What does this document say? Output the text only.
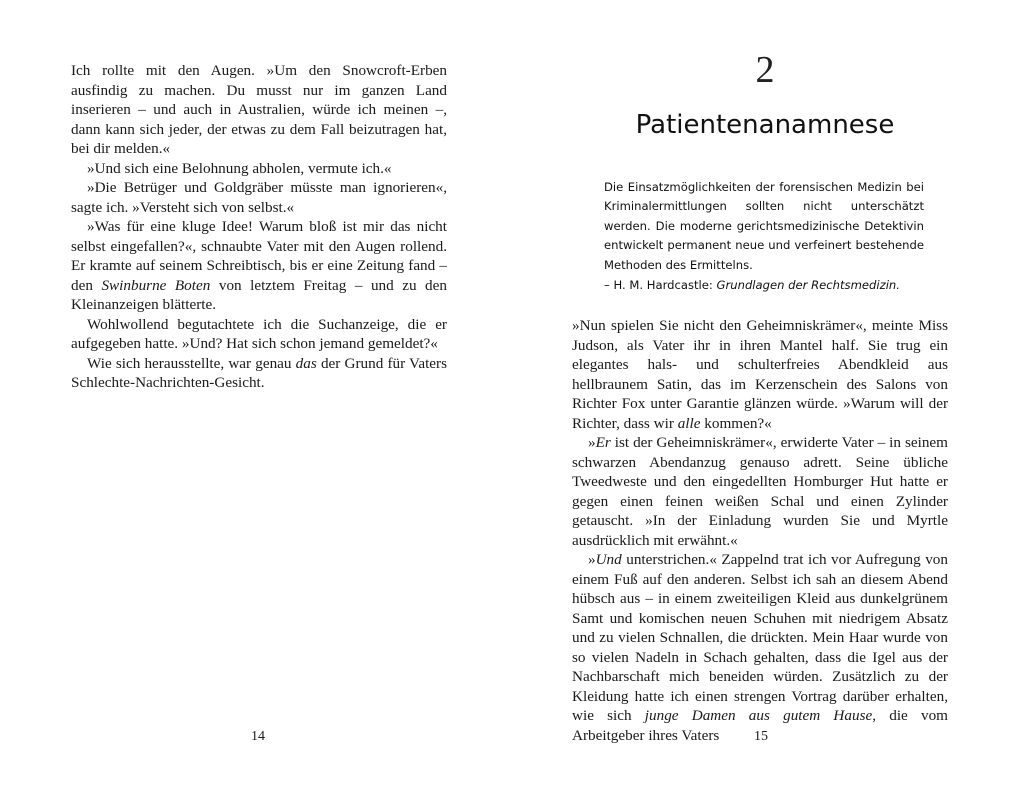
Ich rollte mit den Augen. »Um den Snowcroft-Erben ausfindig zu machen. Du musst nur im ganzen Land inserieren – und auch in Australien, würde ich meinen –, dann kann sich jeder, der etwas zu dem Fall beizutragen hat, bei dir melden.«

»Und sich eine Belohnung abholen, vermute ich.«

»Die Betrüger und Goldgräber müsste man ignorieren«, sagte ich. »Versteht sich von selbst.«

»Was für eine kluge Idee! Warum bloß ist mir das nicht selbst eingefallen?«, schnaubte Vater mit den Augen rollend. Er kramte auf seinem Schreibtisch, bis er eine Zeitung fand – den Swinburne Boten von letztem Freitag – und zu den Kleinanzeigen blätterte.

Wohlwollend begutachtete ich die Suchanzeige, die er aufgegeben hatte. »Und? Hat sich schon jemand gemeldet?«

Wie sich herausstellte, war genau das der Grund für Vaters Schlechte-Nachrichten-Gesicht.

14
2
Patientenanamnese

Die Einsatzmöglichkeiten der forensischen Medizin bei Kriminalermittlungen sollten nicht unterschätzt werden. Die moderne gerichtsmedizinische Detektivin entwickelt permanent neue und verfeinert bestehende Methoden des Ermittelns.

– H. M. Hardcastle: Grundlagen der Rechtsmedizin.

»Nun spielen Sie nicht den Geheimniskrämer«, meinte Miss Judson, als Vater ihr in ihren Mantel half. Sie trug ein elegantes hals- und schulterfreies Abendkleid aus hellbraunem Satin, das im Kerzenschein des Salons von Richter Fox unter Garantie glänzen würde. »Warum will der Richter, dass wir alle kommen?«

»Er ist der Geheimniskrämer«, erwiderte Vater – in seinem schwarzen Abendanzug genauso adrett. Seine übliche Tweedweste und den eingedellten Homburger Hut hatte er gegen einen feinen weißen Schal und einen Zylinder getauscht. »In der Einladung wurden Sie und Myrtle ausdrücklich mit erwähnt.«

»Und unterstrichen.« Zappelnd trat ich vor Aufregung von einem Fuß auf den anderen. Selbst ich sah an diesem Abend hübsch aus – in einem zweiteiligen Kleid aus dunkelgrünem Samt und komischen neuen Schuhen mit niedrigem Absatz und zu vielen Schnallen, die drückten. Mein Haar wurde von so vielen Nadeln in Schach gehalten, dass die Igel aus der Nachbarschaft mich beneiden würden. Zusätzlich zu der Kleidung hatte ich einen strengen Vortrag darüber erhalten, wie sich junge Damen aus gutem Hause, die vom Arbeitgeber ihres Vaters	15
